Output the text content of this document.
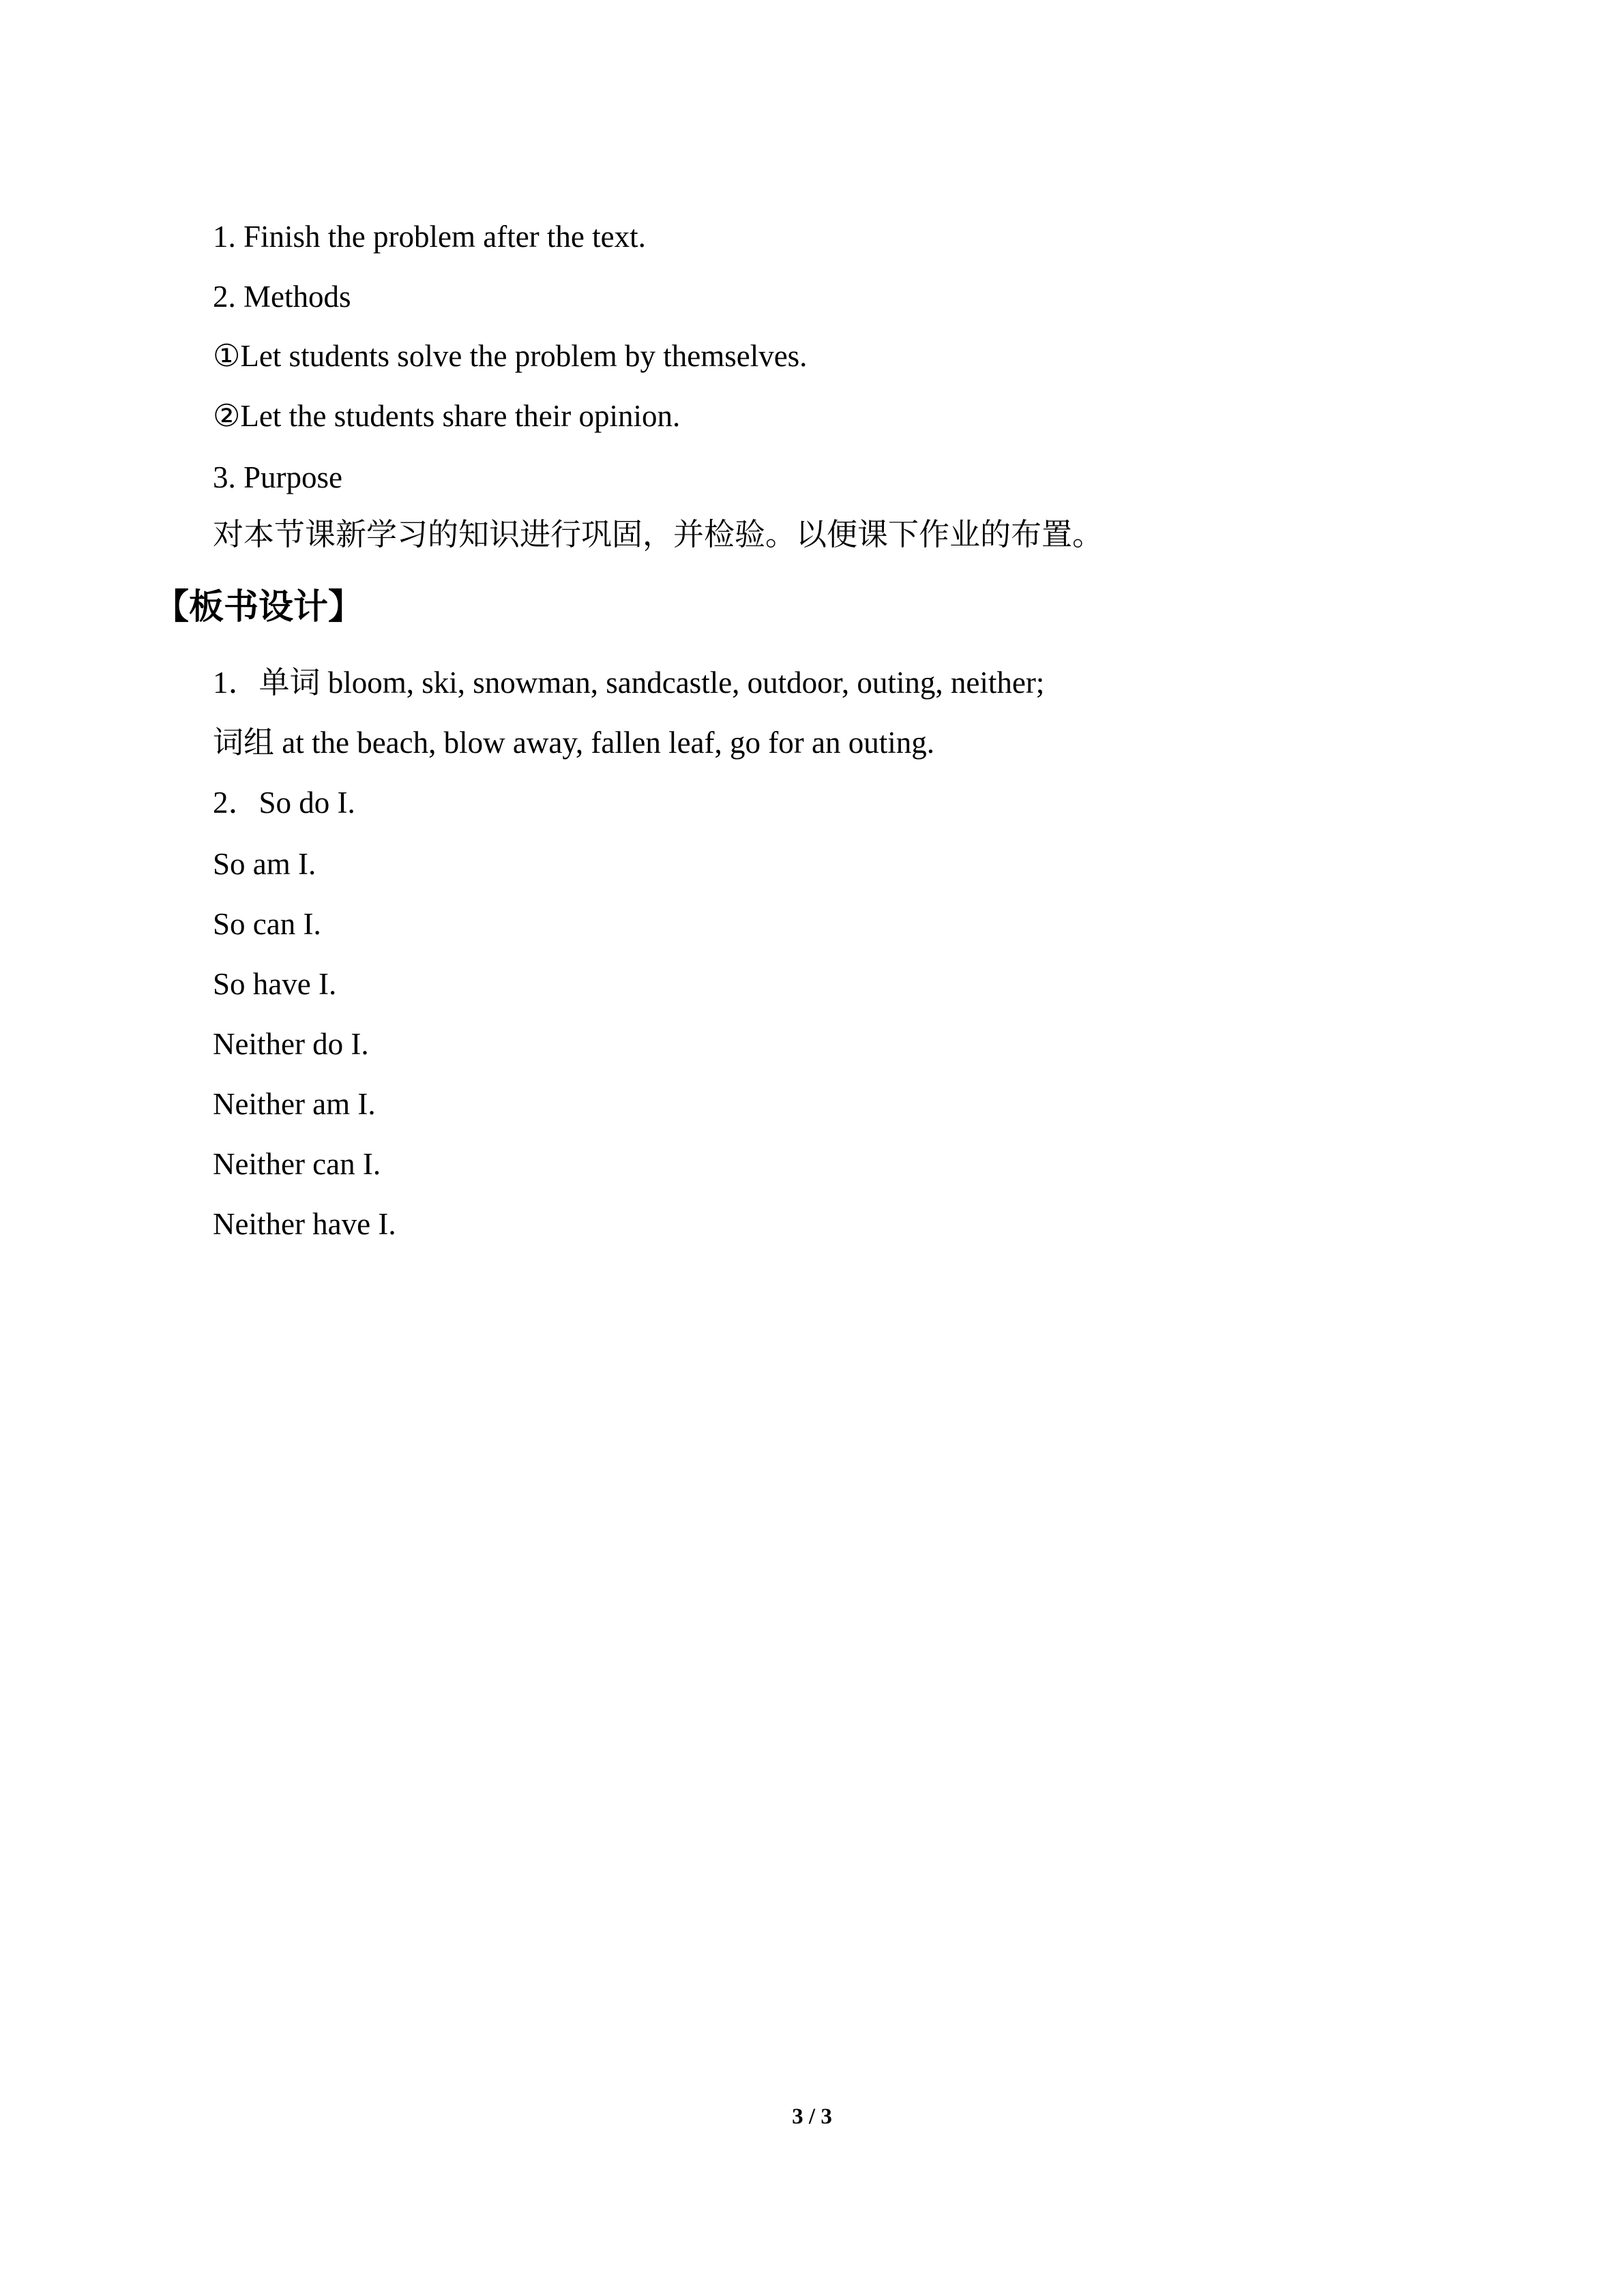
1. Finish the problem after the text.
2. Methods
①Let students solve the problem by themselves.
②Let the students share their opinion.
3. Purpose
对本节课新学习的知识进行巩固，并检验。以便课下作业的布置。
【板书设计】
1．单词 bloom, ski, snowman, sandcastle, outdoor, outing, neither;
词组 at the beach, blow away, fallen leaf, go for an outing.
2．So do I.
So am I.
So can I.
So have I.
Neither do I.
Neither am I.
Neither can I.
Neither have I.
3 / 3
